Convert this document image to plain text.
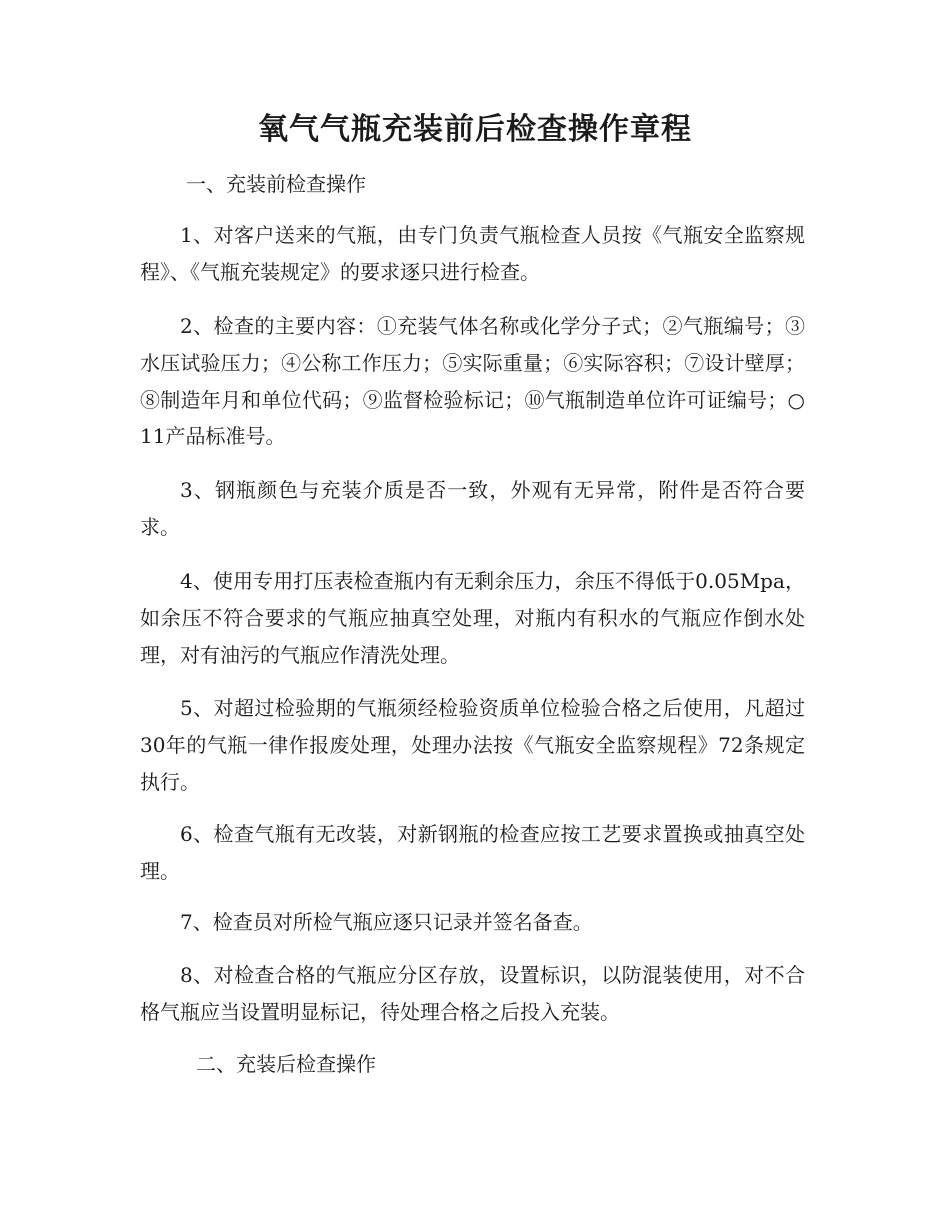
氧气气瓶充装前后检查操作章程

一、充装前检查操作

1、对客户送来的气瓶，由专门负责气瓶检查人员按《气瓶安全监察规程》、《气瓶充装规定》的要求逐只进行检查。

2、检查的主要内容：①充装气体名称或化学分子式；②气瓶编号；③水压试验压力；④公称工作压力；⑤实际重量；⑥实际容积；⑦设计壁厚；⑧制造年月和单位代码；⑨监督检验标记；⑩气瓶制造单位许可证编号；○11产品标准号。

3、钢瓶颜色与充装介质是否一致，外观有无异常，附件是否符合要求。

4、使用专用打压表检查瓶内有无剩余压力，余压不得低于0.05Mpa，如余压不符合要求的气瓶应抽真空处理，对瓶内有积水的气瓶应作倒水处理，对有油污的气瓶应作清洗处理。

5、对超过检验期的气瓶须经检验资质单位检验合格之后使用，凡超过30年的气瓶一律作报废处理，处理办法按《气瓶安全监察规程》72条规定执行。

6、检查气瓶有无改装，对新钢瓶的检查应按工艺要求置换或抽真空处理。

7、检查员对所检气瓶应逐只记录并签名备查。

8、对检查合格的气瓶应分区存放，设置标识，以防混装使用，对不合格气瓶应当设置明显标记，待处理合格之后投入充装。

二、充装后检查操作
